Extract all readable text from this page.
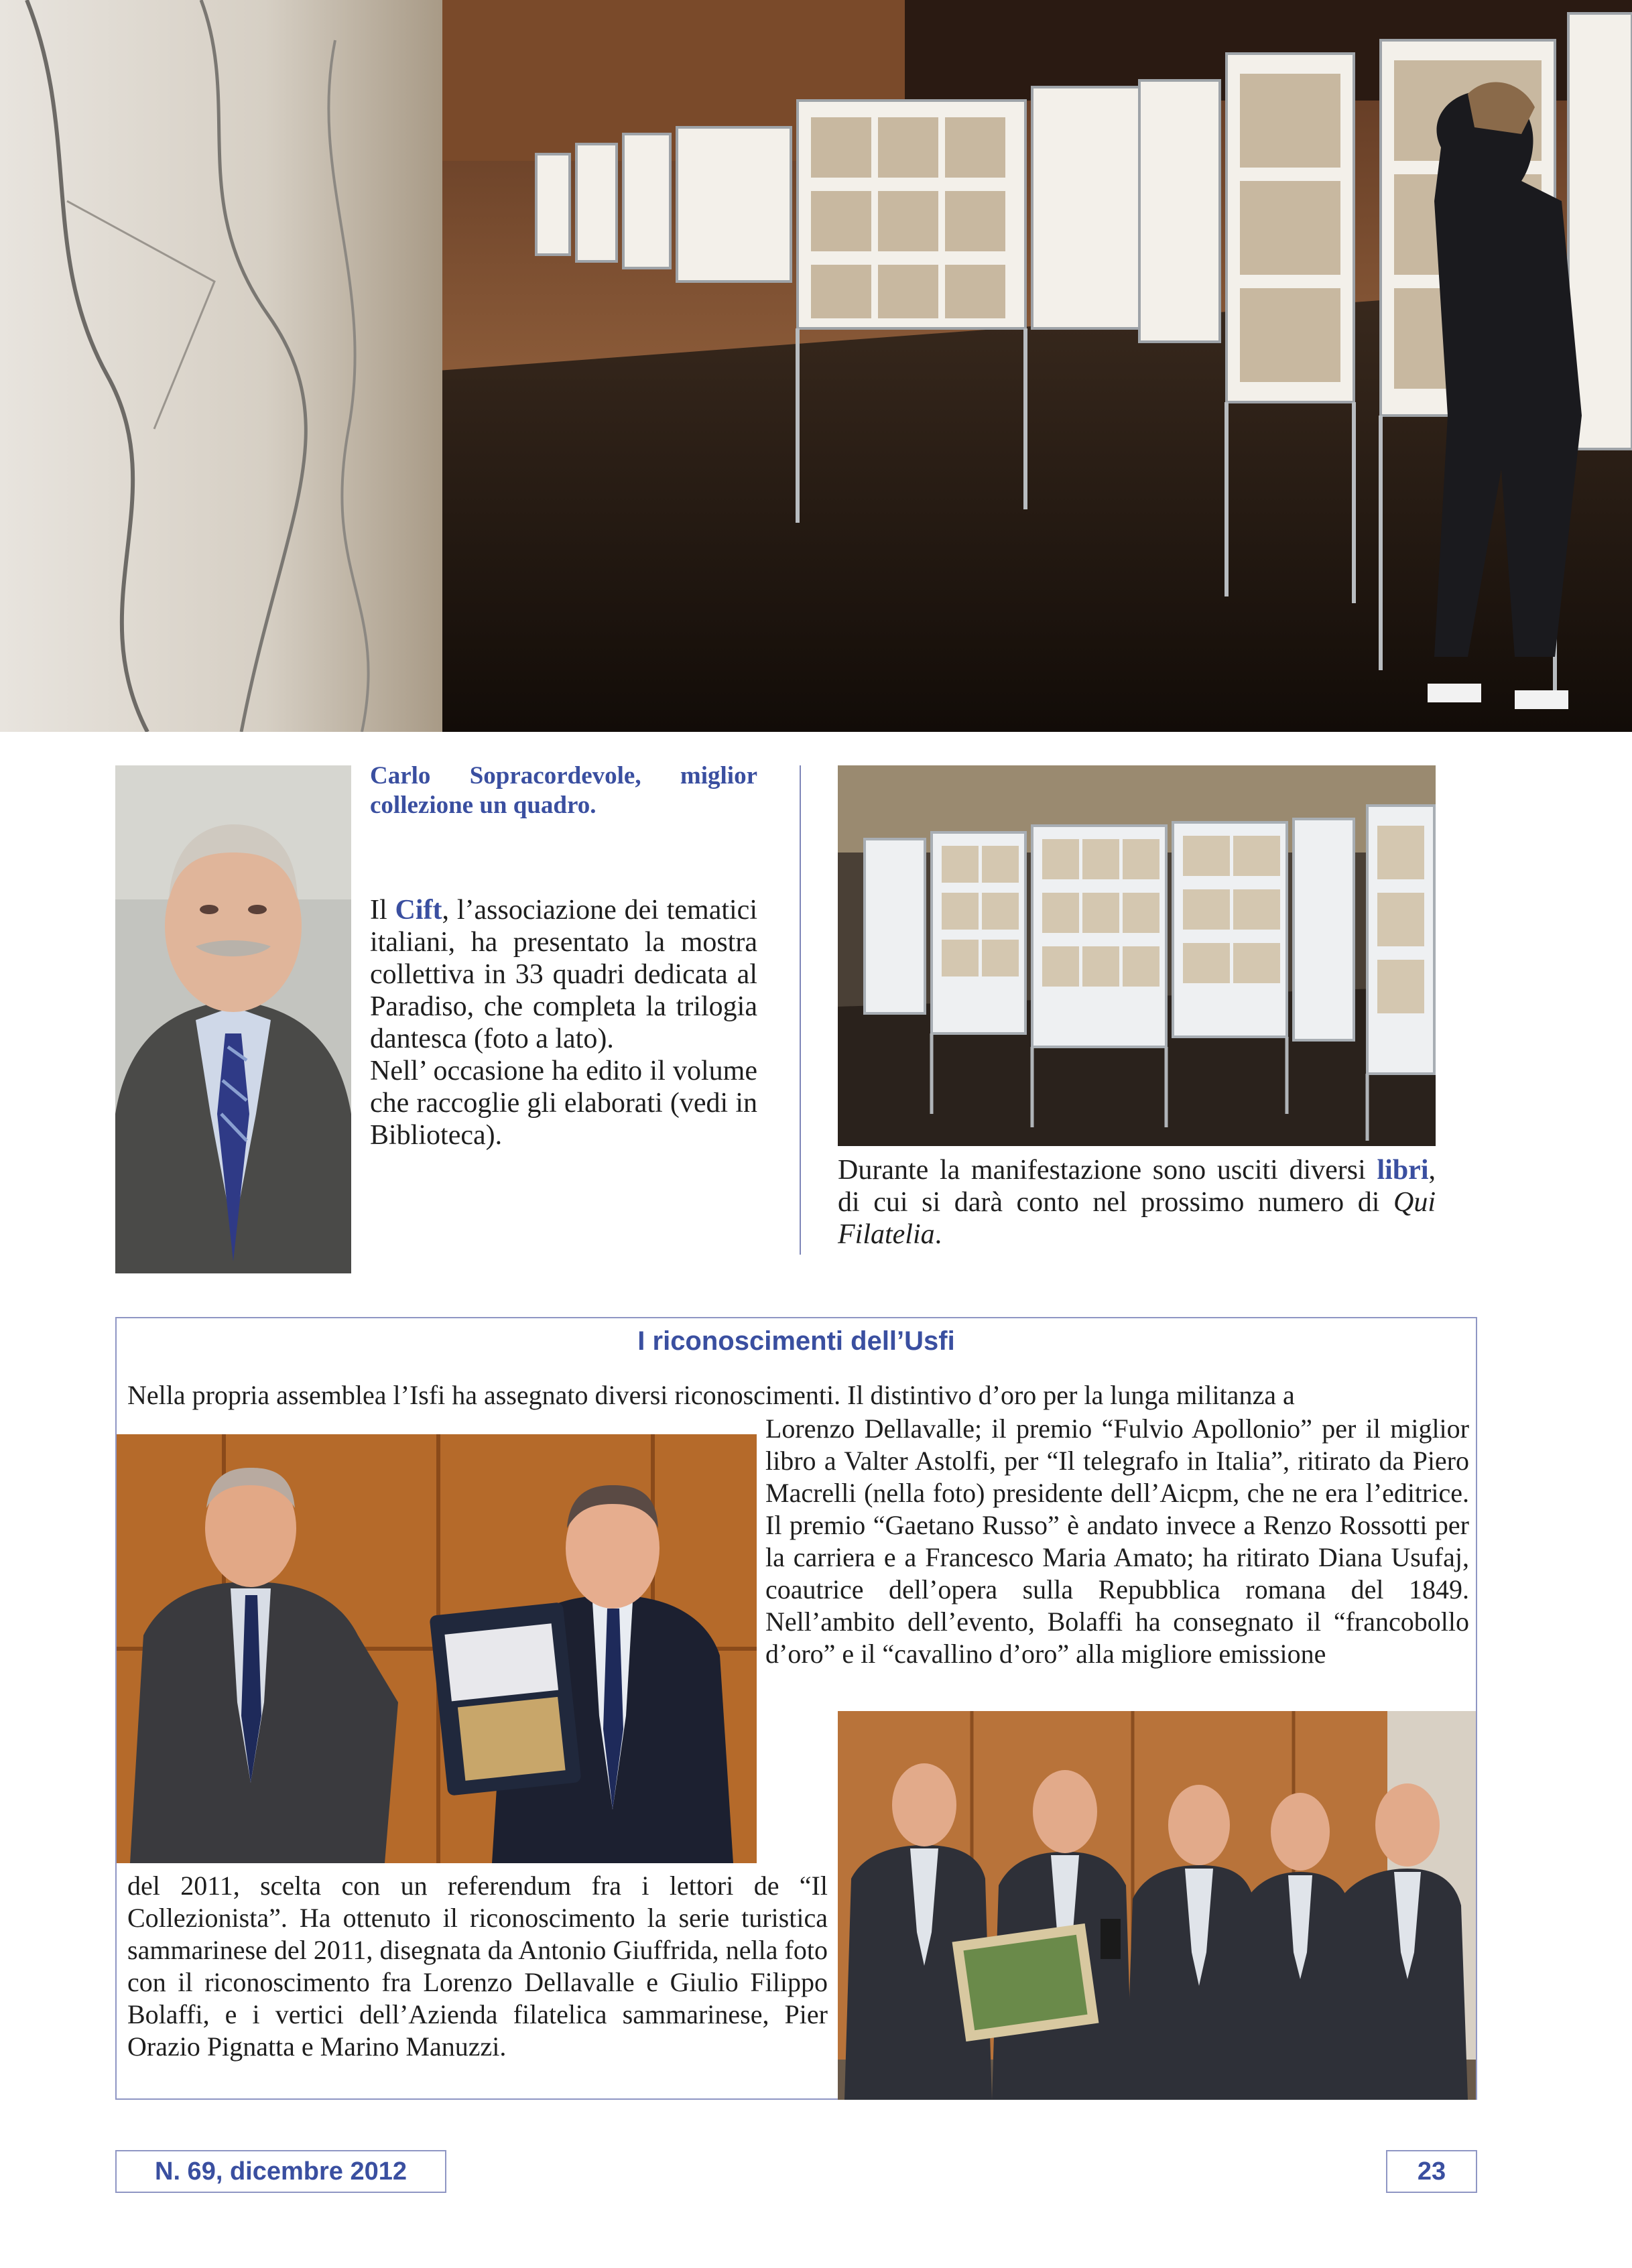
Carlo Sopracordevole, miglior collezione un quadro.
Il Cift, l’associazione dei tematici italiani, ha presentato la mostra collettiva in 33 quadri dedicata al Paradiso, che completa la trilogia dantesca (foto a lato).
Nell’ occasione ha edito il volume che raccoglie gli elaborati (vedi in Biblioteca).
Durante la manifestazione sono usciti diversi libri, di cui si darà conto nel prossimo numero di Qui Filatelia.
I riconoscimenti dell’Usfi
Nella propria assemblea l’Isfi ha assegnato diversi riconoscimenti. Il distintivo d’oro per la lunga militanza a
Lorenzo Dellavalle; il premio “Fulvio Apollonio” per il miglior libro a Valter Astolfi, per “Il telegrafo in Italia”, ritirato da Piero Macrelli (nella foto) presidente dell’Aicpm, che ne era l’editrice. Il premio “Gaetano Russo” è andato invece a Renzo Rossotti per la carriera e a Francesco Maria Amato; ha ritirato Diana Usufaj, coautrice dell’opera sulla Repubblica romana del 1849. Nell’ambito dell’evento, Bolaffi ha consegnato il “francobollo d’oro” e il “cavallino d’oro” alla migliore emissione
del 2011, scelta con un referendum fra i lettori de “Il Collezionista”. Ha ottenuto il riconoscimento la serie turistica sammarinese del 2011, disegnata da Antonio Giuffrida, nella foto con il riconoscimento fra Lorenzo Dellavalle e Giulio Filippo Bolaffi, e i vertici dell’Azienda filatelica sammarinese, Pier Orazio Pignatta e Marino Manuzzi.
N. 69, dicembre 2012	23
